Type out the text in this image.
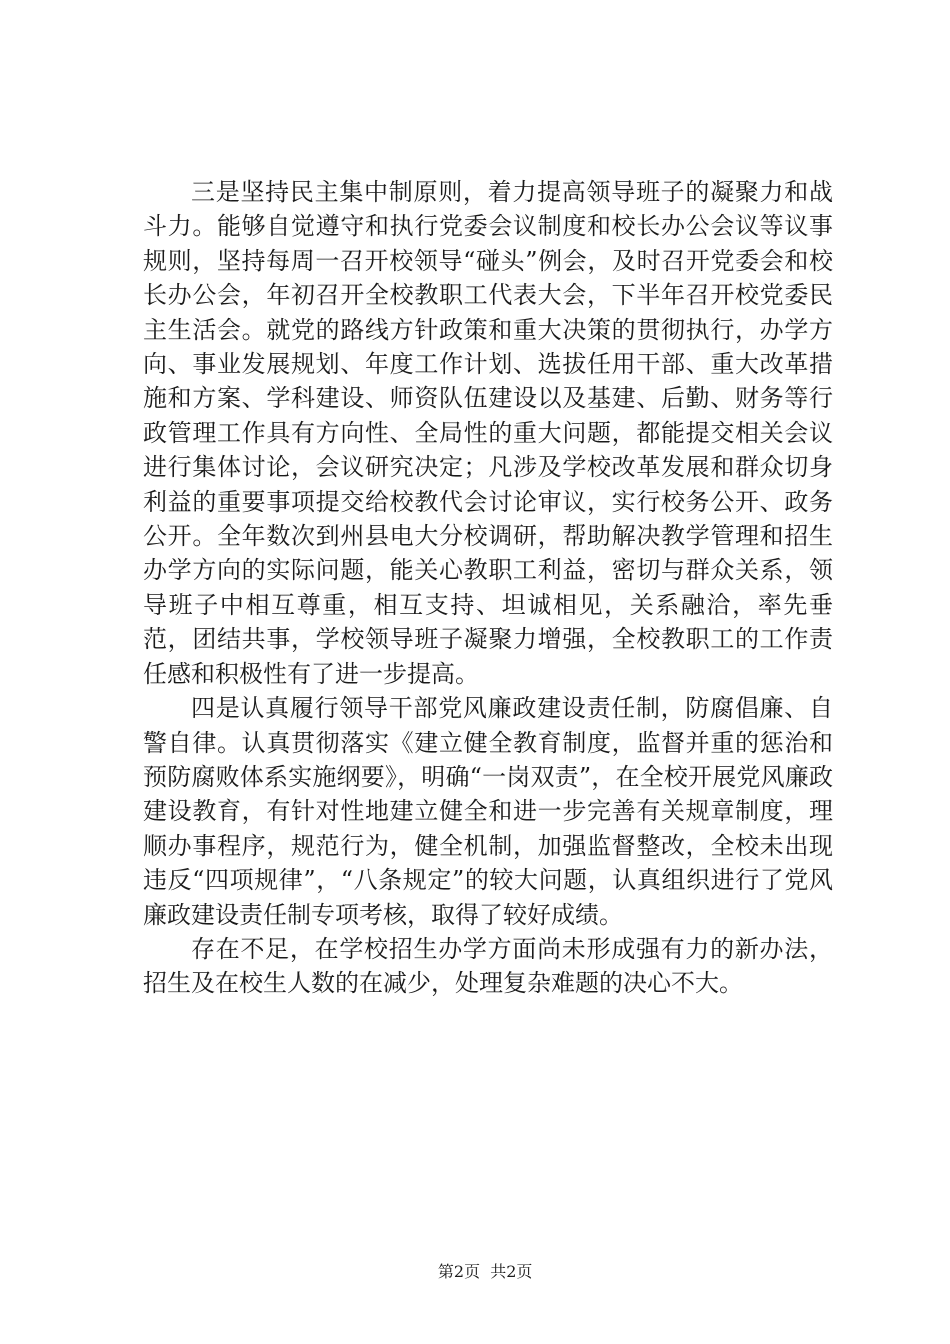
三是坚持民主集中制原则，着力提高领导班子的凝聚力和战斗力。能够自觉遵守和执行党委会议制度和校长办公会议等议事规则，坚持每周一召开校领导“碰头”例会，及时召开党委会和校长办公会，年初召开全校教职工代表大会，下半年召开校党委民主生活会。就党的路线方针政策和重大决策的贯彻执行，办学方向、事业发展规划、年度工作计划、选拔任用干部、重大改革措施和方案、学科建设、师资队伍建设以及基建、后勤、财务等行政管理工作具有方向性、全局性的重大问题，都能提交相关会议进行集体讨论，会议研究决定；凡涉及学校改革发展和群众切身利益的重要事项提交给校教代会讨论审议，实行校务公开、政务公开。全年数次到州县电大分校调研，帮助解决教学管理和招生办学方向的实际问题，能关心教职工利益，密切与群众关系，领导班子中相互尊重，相互支持、坦诚相见，关系融洽，率先垂范，团结共事，学校领导班子凝聚力增强，全校教职工的工作责任感和积极性有了进一步提高。

四是认真履行领导干部党风廉政建设责任制，防腐倡廉、自警自律。认真贯彻落实《建立健全教育制度，监督并重的惩治和预防腐败体系实施纲要》，明确“一岗双责”，在全校开展党风廉政建设教育，有针对性地建立健全和进一步完善有关规章制度，理顺办事程序，规范行为，健全机制，加强监督整改，全校未出现违反“四项规律”，“八条规定”的较大问题，认真组织进行了党风廉政建设责任制专项考核，取得了较好成绩。

存在不足，在学校招生办学方面尚未形成强有力的新办法，招生及在校生人数的在减少，处理复杂难题的决心不大。

第2页  共2页
